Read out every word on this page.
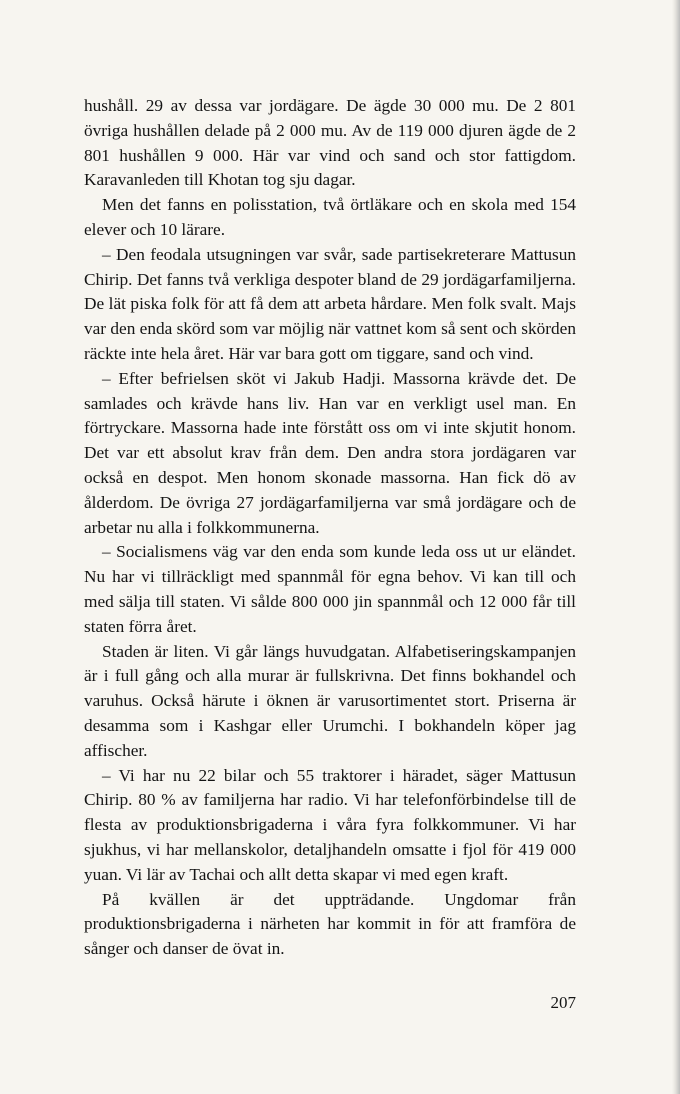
hushåll. 29 av dessa var jordägare. De ägde 30 000 mu. De 2 801 övriga hushållen delade på 2 000 mu. Av de 119 000 djuren ägde de 2 801 hushållen 9 000. Här var vind och sand och stor fattigdom. Karavanleden till Khotan tog sju dagar.

Men det fanns en polisstation, två örtläkare och en skola med 154 elever och 10 lärare.

– Den feodala utsugningen var svår, sade partisekreterare Mattusun Chirip. Det fanns två verkliga despoter bland de 29 jordägarfamiljerna. De lät piska folk för att få dem att arbeta hårdare. Men folk svalt. Majs var den enda skörd som var möjlig när vattnet kom så sent och skörden räckte inte hela året. Här var bara gott om tiggare, sand och vind.

– Efter befrielsen sköt vi Jakub Hadji. Massorna krävde det. De samlades och krävde hans liv. Han var en verkligt usel man. En förtryckare. Massorna hade inte förstått oss om vi inte skjutit honom. Det var ett absolut krav från dem. Den andra stora jordägaren var också en despot. Men honom skonade massorna. Han fick dö av ålderdom. De övriga 27 jordägarfamiljerna var små jordägare och de arbetar nu alla i folkkommunerna.

– Socialismens väg var den enda som kunde leda oss ut ur eländet. Nu har vi tillräckligt med spannmål för egna behov. Vi kan till och med sälja till staten. Vi sålde 800 000 jin spannmål och 12 000 får till staten förra året.

Staden är liten. Vi går längs huvudgatan. Alfabetiseringskampanjen är i full gång och alla murar är fullskrivna. Det finns bokhandel och varuhus. Också härute i öknen är varusortimentet stort. Priserna är desamma som i Kashgar eller Urumchi. I bokhandeln köper jag affischer.

– Vi har nu 22 bilar och 55 traktorer i häradet, säger Mattusun Chirip. 80 % av familjerna har radio. Vi har telefonförbindelse till de flesta av produktionsbrigaderna i våra fyra folkkommuner. Vi har sjukhus, vi har mellanskolor, detaljhandeln omsatte i fjol för 419 000 yuan. Vi lär av Tachai och allt detta skapar vi med egen kraft.

På kvällen är det uppträdande. Ungdomar från produktionsbrigaderna i närheten har kommit in för att framföra de sånger och danser de övat in.

207
